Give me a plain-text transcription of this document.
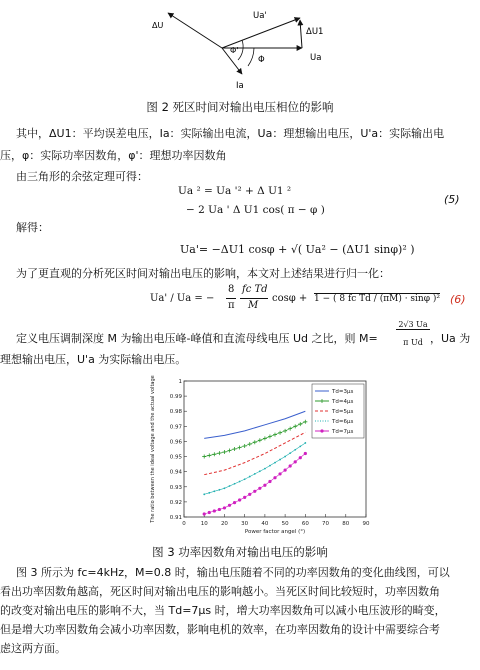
ΔU
Ua'
ΔU1
Ua
Ia
Φ'
Φ
图 2 死区时间对输出电压相位的影响
其中，ΔU1：平均误差电压，Ia：实际输出电流，Ua：理想输出电压，U'a：实际输出电
压，φ：实际功率因数角，φ'：理想功率因数角
由三角形的余弦定理可得：
Ua ² = Ua '² + Δ U1 ²
− 2 Ua ' Δ U1 cos( π − φ )
(5)
解得：
Ua'= −ΔU1 cosφ + √( Ua² − (ΔU1 sinφ)² )
为了更直观的分析死区时间对输出电压的影响，本文对上述结果进行归一化：
Ua' / Ua = −
8
π
fc Td
M
cosφ + 1 − ( 8 fc Td / (πM) · sinφ )² (6)
定义电压调制深度 M 为输出电压峰-峰值和直流母线电压 Ud 之比，则 M=
2√3 Ua
π Ud ，Ua 为
理想输出电压，U'a 为实际输出电压。
0	10 20 30 40 50 60 70 80 90
0.91
0.92
0.93
0.94
0.95
0.96
0.97
0.98
0.99
1
Power factor angel (°)
The ratio between the ideal voltage and the actual voltage	Td=3μs
Td=4μs
Td=5μs
Td=6μs
Td=7μs
图 3 功率因数角对输出电压的影响
图 3 所示为 fc=4kHz，M=0.8 时，输出电压随着不同的功率因数角的变化曲线图，可以
看出功率因数角越高，死区时间对输出电压的影响越小。当死区时间比较短时，功率因数角
的改变对输出电压的影响不大，当 Td=7μs 时，增大功率因数角可以减小电压波形的畸变，
但是增大功率因数角会减小功率因数，影响电机的效率，在功率因数角的设计中需要综合考
虑这两方面。
